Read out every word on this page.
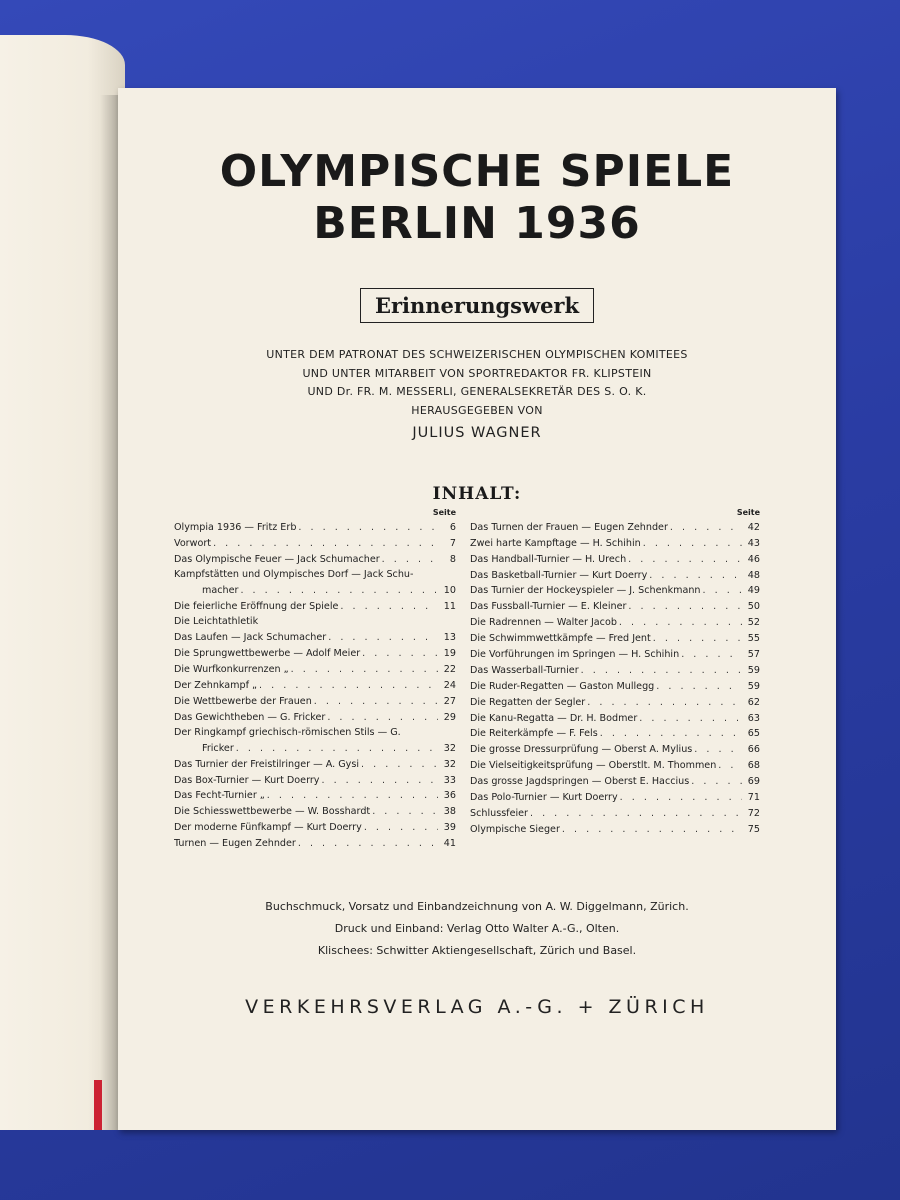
OLYMPISCHE SPIELE
BERLIN 1936
Erinnerungswerk
UNTER DEM PATRONAT DES SCHWEIZERISCHEN OLYMPISCHEN KOMITEES
UND UNTER MITARBEIT VON SPORTREDAKTOR FR. KLIPSTEIN
UND Dr. FR. M. MESSERLI, GENERALSEKRETÄR DES S. O. K.
HERAUSGEGEBEN VON
JULIUS WAGNER
INHALT:
Seite
Olympia 1936 — Fritz Erb . . .	6
Vorwort . . .	7
Das Olympische Feuer — Jack Schumacher . . .	8
Kampfstätten und Olympisches Dorf — Jack Schu-
macher . . .	10
Die feierliche Eröffnung der Spiele . . .	11
Die Leichtathletik
Das Laufen — Jack Schumacher . . .	13
Die Sprungwettbewerbe — Adolf Meier . . .	19
Die Wurfkonkurrenzen „ . . .	22
Der Zehnkampf „ . . .	24
Die Wettbewerbe der Frauen . . .	27
Das Gewichtheben — G. Fricker . . .	29
Der Ringkampf griechisch-römischen Stils — G.
Fricker . . .	32
Das Turnier der Freistilringer — A. Gysi . . .	32
Das Box-Turnier — Kurt Doerry . . .	33
Das Fecht-Turnier „ . . .	36
Die Schiesswettbewerbe — W. Bosshardt . . .	38
Der moderne Fünfkampf — Kurt Doerry . . .	39
Turnen — Eugen Zehnder . . .	41
Seite
Das Turnen der Frauen — Eugen Zehnder . . .	42
Zwei harte Kampftage — H. Schihin . . .	43
Das Handball-Turnier — H. Urech . . .	46
Das Basketball-Turnier — Kurt Doerry . . .	48
Das Turnier der Hockeyspieler — J. Schenkmann . . .	49
Das Fussball-Turnier — E. Kleiner . . .	50
Die Radrennen — Walter Jacob . . .	52
Die Schwimmwettkämpfe — Fred Jent . . .	55
Die Vorführungen im Springen — H. Schihin . . .	57
Das Wasserball-Turnier . . .	59
Die Ruder-Regatten — Gaston Mullegg . . .	59
Die Regatten der Segler . . .	62
Die Kanu-Regatta — Dr. H. Bodmer . . .	63
Die Reiterkämpfe — F. Fels . . .	65
Die grosse Dressurprüfung — Oberst A. Mylius . . .	66
Die Vielseitigkeitsprüfung — Oberstlt. M. Thommen . . .	68
Das grosse Jagdspringen — Oberst E. Haccius . . .	69
Das Polo-Turnier — Kurt Doerry . . .	71
Schlussfeier . . .	72
Olympische Sieger . . .	75
Buchschmuck, Vorsatz und Einbandzeichnung von A. W. Diggelmann, Zürich.
Druck und Einband: Verlag Otto Walter A.-G., Olten.
Klischees: Schwitter Aktiengesellschaft, Zürich und Basel.
VERKEHRSVERLAG A.-G. + ZÜRICH
